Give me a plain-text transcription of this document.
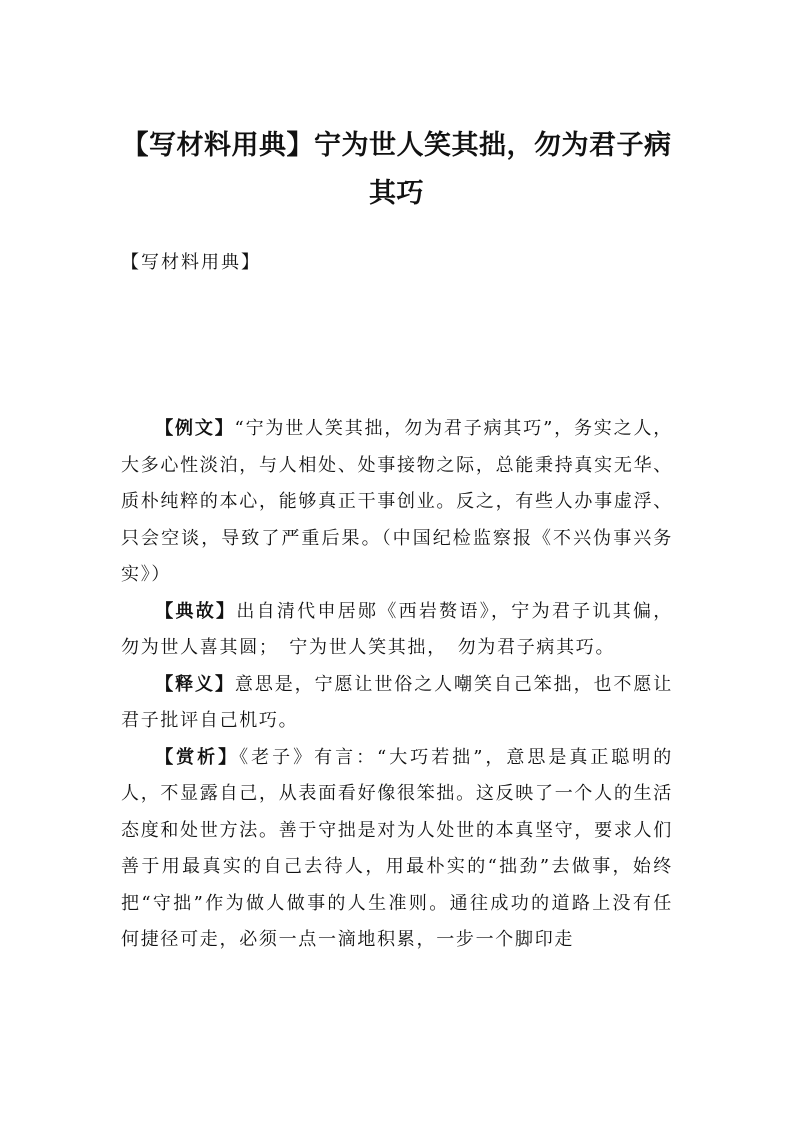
【写材料用典】宁为世人笑其拙，勿为君子病其巧

【写材料用典】

【例文】“宁为世人笑其拙，勿为君子病其巧”，务实之人，大多心性淡泊，与人相处、处事接物之际，总能秉持真实无华、质朴纯粹的本心，能够真正干事创业。反之，有些人办事虚浮、只会空谈，导致了严重后果。（中国纪检监察报《不兴伪事兴务实》）

【典故】出自清代申居郧《西岩赘语》，宁为君子讥其偏，勿为世人喜其圆；　宁为世人笑其拙，　勿为君子病其巧。

【释义】意思是，宁愿让世俗之人嘲笑自己笨拙，也不愿让君子批评自己机巧。

【赏析】《老子》有言：“大巧若拙”，意思是真正聪明的人，不显露自己，从表面看好像很笨拙。这反映了一个人的生活态度和处世方法。善于守拙是对为人处世的本真坚守，要求人们善于用最真实的自己去待人，用最朴实的“拙劲”去做事，始终把“守拙”作为做人做事的人生准则。通往成功的道路上没有任何捷径可走，必须一点一滴地积累，一步一个脚印走
